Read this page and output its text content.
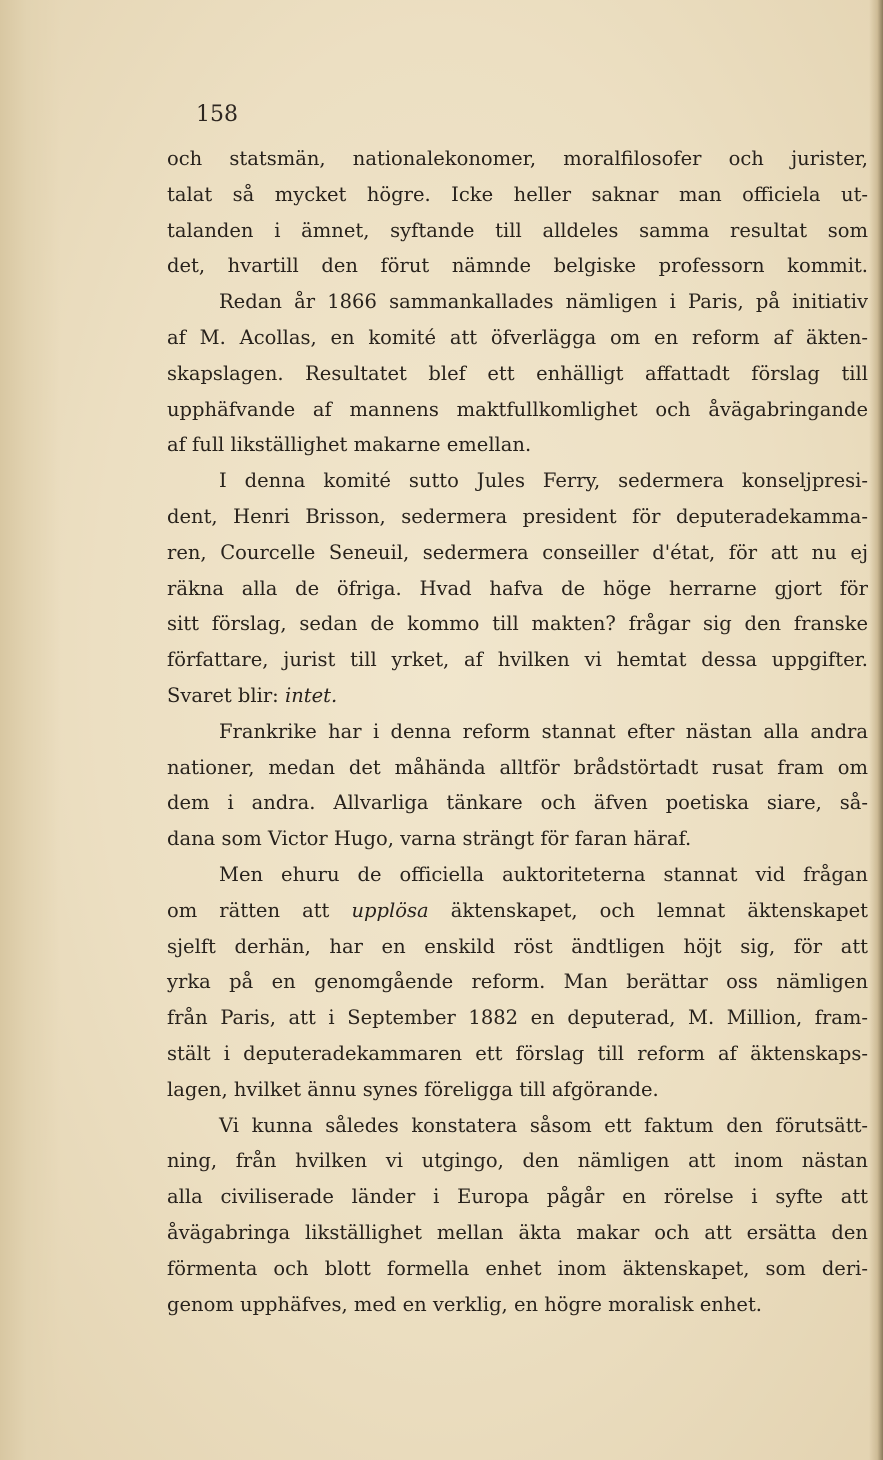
158

och statsmän, nationalekonomer, moralfilosofer och jurister,
talat så mycket högre. Icke heller saknar man officiela ut-
talanden i ämnet, syftande till alldeles samma resultat som
det, hvartill den förut nämnde belgiske professorn kommit.
Redan år 1866 sammankallades nämligen i Paris, på initiativ
af M. Acollas, en komité att öfverlägga om en reform af äkten-
skapslagen. Resultatet blef ett enhälligt affattadt förslag till
upphäfvande af mannens maktfullkomlighet och åvägabringande
af full likställighet makarne emellan.
I denna komité sutto Jules Ferry, sedermera konseljpresi-
dent, Henri Brisson, sedermera president för deputeradekamma-
ren, Courcelle Seneuil, sedermera conseiller d'état, för att nu ej
räkna alla de öfriga. Hvad hafva de höge herrarne gjort för
sitt förslag, sedan de kommo till makten? frågar sig den franske
författare, jurist till yrket, af hvilken vi hemtat dessa uppgifter.
Svaret blir: intet.
Frankrike har i denna reform stannat efter nästan alla andra
nationer, medan det måhända alltför brådstörtadt rusat fram om
dem i andra. Allvarliga tänkare och äfven poetiska siare, så-
dana som Victor Hugo, varna strängt för faran häraf.
Men ehuru de officiella auktoriteterna stannat vid frågan
om rätten att upplösa äktenskapet, och lemnat äktenskapet
sjelft derhän, har en enskild röst ändtligen höjt sig, för att
yrka på en genomgående reform. Man berättar oss nämligen
från Paris, att i September 1882 en deputerad, M. Million, fram-
stält i deputeradekammaren ett förslag till reform af äktenskaps-
lagen, hvilket ännu synes föreligga till afgörande.
Vi kunna således konstatera såsom ett faktum den förutsätt-
ning, från hvilken vi utgingo, den nämligen att inom nästan
alla civiliserade länder i Europa pågår en rörelse i syfte att
åvägabringa likställighet mellan äkta makar och att ersätta den
förmenta och blott formella enhet inom äktenskapet, som deri-
genom upphäfves, med en verklig, en högre moralisk enhet.
